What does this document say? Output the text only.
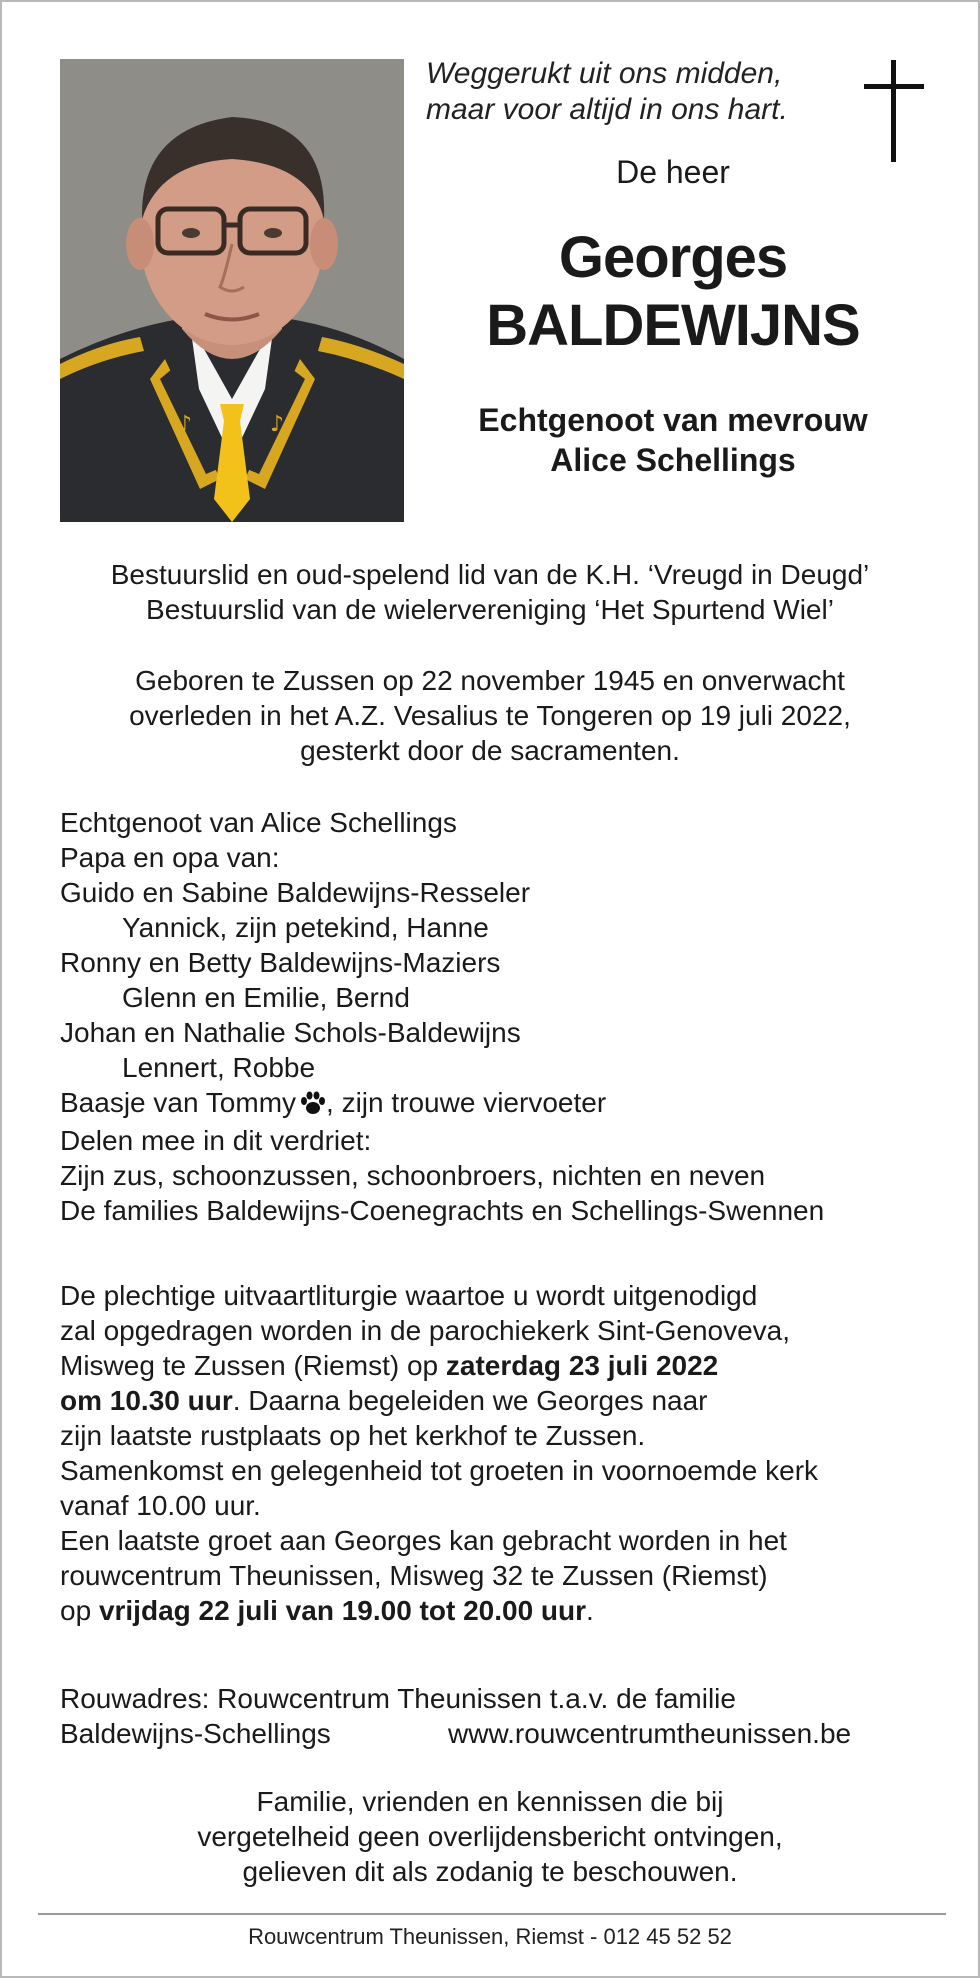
♪	♪
Weggerukt uit ons midden,
maar voor altijd in ons hart.
De heer
Georges
BALDEWIJNS
Echtgenoot van mevrouw
Alice Schellings
Bestuurslid en oud-spelend lid van de K.H. ‘Vreugd in Deugd’
Bestuurslid van de wielervereniging ‘Het Spurtend Wiel’
Geboren te Zussen op 22 november 1945 en onverwacht
overleden in het A.Z. Vesalius te Tongeren op 19 juli 2022,
gesterkt door de sacramenten.
Echtgenoot van Alice Schellings
Papa en opa van:
Guido en Sabine Baldewijns-Resseler
Yannick, zijn petekind, Hanne
Ronny en Betty Baldewijns-Maziers
Glenn en Emilie, Bernd
Johan en Nathalie Schols-Baldewijns
Lennert, Robbe
Baasje van Tommy , zijn trouwe viervoeter
Delen mee in dit verdriet:
Zijn zus, schoonzussen, schoonbroers, nichten en neven
De families Baldewijns-Coenegrachts en Schellings-Swennen
De plechtige uitvaartliturgie waartoe u wordt uitgenodigd
zal opgedragen worden in de parochiekerk Sint-Genoveva,
Misweg te Zussen (Riemst) op zaterdag 23 juli 2022
om 10.30 uur. Daarna begeleiden we Georges naar
zijn laatste rustplaats op het kerkhof te Zussen.
Samenkomst en gelegenheid tot groeten in voornoemde kerk
vanaf 10.00 uur.
Een laatste groet aan Georges kan gebracht worden in het
rouwcentrum Theunissen, Misweg 32 te Zussen (Riemst)
op vrijdag 22 juli van 19.00 tot 20.00 uur.
Rouwadres: Rouwcentrum Theunissen t.a.v. de familie
Baldewijns-Schellings	www.rouwcentrumtheunissen.be
Familie, vrienden en kennissen die bij
vergetelheid geen overlijdensbericht ontvingen,
gelieven dit als zodanig te beschouwen.
Rouwcentrum Theunissen, Riemst - 012 45 52 52
